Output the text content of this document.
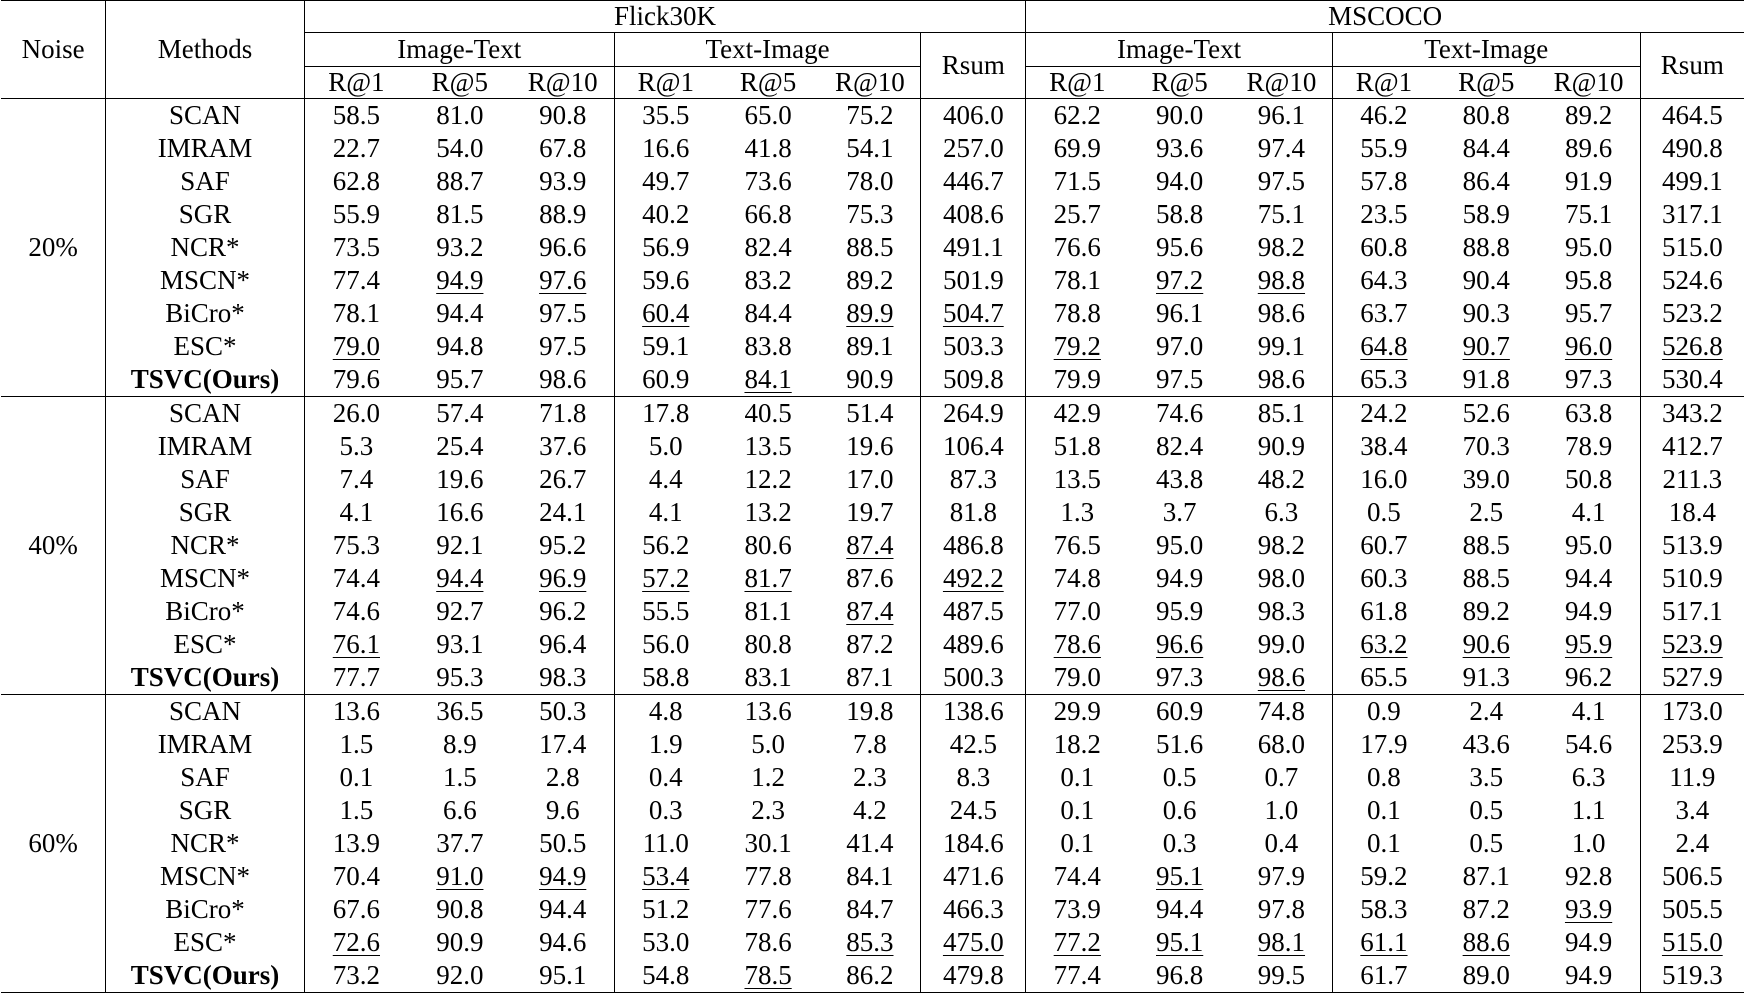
Noise	Methods	Flick30K							MSCOCO						
		Image-Text			Text-Image			Rsum	Image-Text			Text-Image			Rsum
		R@1	R@5	R@10	R@1	R@5	R@10		R@1	R@5	R@10	R@1	R@5	R@10	
20%	SCAN	58.5	81.0	90.8	35.5	65.0	75.2	406.0	62.2	90.0	96.1	46.2	80.8	89.2	464.5
	IMRAM	22.7	54.0	67.8	16.6	41.8	54.1	257.0	69.9	93.6	97.4	55.9	84.4	89.6	490.8
	SAF	62.8	88.7	93.9	49.7	73.6	78.0	446.7	71.5	94.0	97.5	57.8	86.4	91.9	499.1
	SGR	55.9	81.5	88.9	40.2	66.8	75.3	408.6	25.7	58.8	75.1	23.5	58.9	75.1	317.1
	NCR*	73.5	93.2	96.6	56.9	82.4	88.5	491.1	76.6	95.6	98.2	60.8	88.8	95.0	515.0
	MSCN*	77.4	94.9	97.6	59.6	83.2	89.2	501.9	78.1	97.2	98.8	64.3	90.4	95.8	524.6
	BiCro*	78.1	94.4	97.5	60.4	84.4	89.9	504.7	78.8	96.1	98.6	63.7	90.3	95.7	523.2
	ESC*	79.0	94.8	97.5	59.1	83.8	89.1	503.3	79.2	97.0	99.1	64.8	90.7	96.0	526.8
	TSVC(Ours)	79.6	95.7	98.6	60.9	84.1	90.9	509.8	79.9	97.5	98.6	65.3	91.8	97.3	530.4
40%	SCAN	26.0	57.4	71.8	17.8	40.5	51.4	264.9	42.9	74.6	85.1	24.2	52.6	63.8	343.2
	IMRAM	5.3	25.4	37.6	5.0	13.5	19.6	106.4	51.8	82.4	90.9	38.4	70.3	78.9	412.7
	SAF	7.4	19.6	26.7	4.4	12.2	17.0	87.3	13.5	43.8	48.2	16.0	39.0	50.8	211.3
	SGR	4.1	16.6	24.1	4.1	13.2	19.7	81.8	1.3	3.7	6.3	0.5	2.5	4.1	18.4
	NCR*	75.3	92.1	95.2	56.2	80.6	87.4	486.8	76.5	95.0	98.2	60.7	88.5	95.0	513.9
	MSCN*	74.4	94.4	96.9	57.2	81.7	87.6	492.2	74.8	94.9	98.0	60.3	88.5	94.4	510.9
	BiCro*	74.6	92.7	96.2	55.5	81.1	87.4	487.5	77.0	95.9	98.3	61.8	89.2	94.9	517.1
	ESC*	76.1	93.1	96.4	56.0	80.8	87.2	489.6	78.6	96.6	99.0	63.2	90.6	95.9	523.9
	TSVC(Ours)	77.7	95.3	98.3	58.8	83.1	87.1	500.3	79.0	97.3	98.6	65.5	91.3	96.2	527.9
60%	SCAN	13.6	36.5	50.3	4.8	13.6	19.8	138.6	29.9	60.9	74.8	0.9	2.4	4.1	173.0
	IMRAM	1.5	8.9	17.4	1.9	5.0	7.8	42.5	18.2	51.6	68.0	17.9	43.6	54.6	253.9
	SAF	0.1	1.5	2.8	0.4	1.2	2.3	8.3	0.1	0.5	0.7	0.8	3.5	6.3	11.9
	SGR	1.5	6.6	9.6	0.3	2.3	4.2	24.5	0.1	0.6	1.0	0.1	0.5	1.1	3.4
	NCR*	13.9	37.7	50.5	11.0	30.1	41.4	184.6	0.1	0.3	0.4	0.1	0.5	1.0	2.4
	MSCN*	70.4	91.0	94.9	53.4	77.8	84.1	471.6	74.4	95.1	97.9	59.2	87.1	92.8	506.5
	BiCro*	67.6	90.8	94.4	51.2	77.6	84.7	466.3	73.9	94.4	97.8	58.3	87.2	93.9	505.5
	ESC*	72.6	90.9	94.6	53.0	78.6	85.3	475.0	77.2	95.1	98.1	61.1	88.6	94.9	515.0
	TSVC(Ours)	73.2	92.0	95.1	54.8	78.5	86.2	479.8	77.4	96.8	99.5	61.7	89.0	94.9	519.3
